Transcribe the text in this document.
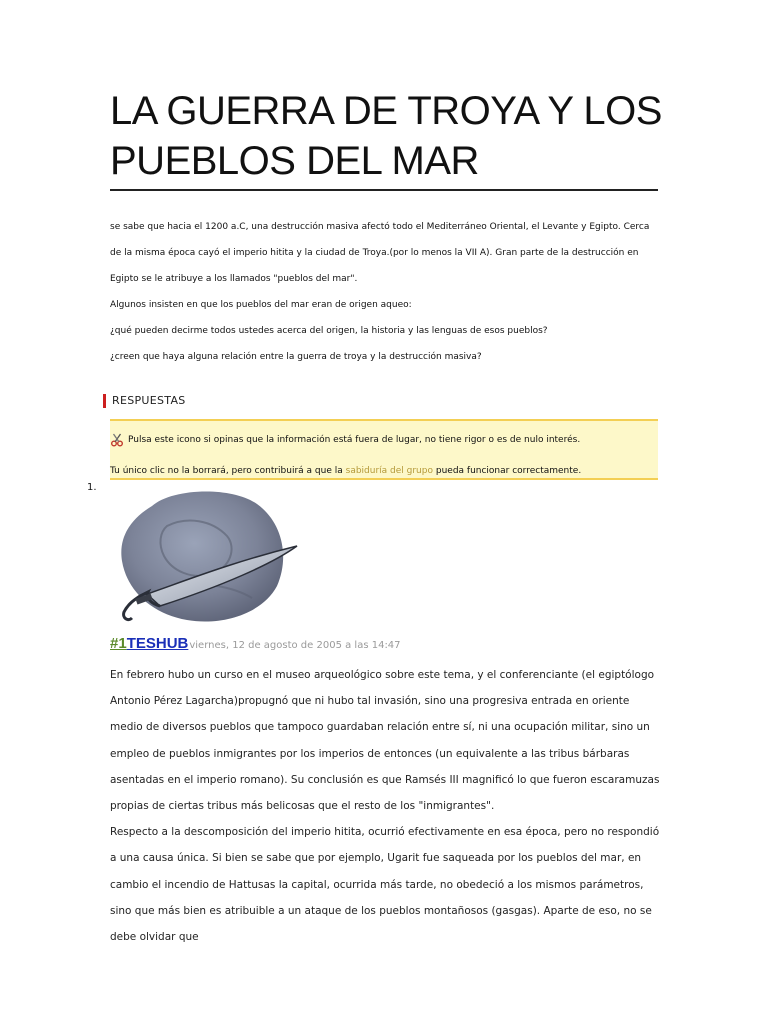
LA GUERRA DE TROYA Y LOS PUEBLOS DEL MAR

se sabe que hacia el 1200 a.C, una destrucción masiva afectó todo el Mediterráneo Oriental, el Levante y Egipto. Cerca de la misma época cayó el imperio hitita y la ciudad de Troya.(por lo menos la VII A). Gran parte de la destrucción en Egipto se le atribuye a los llamados "pueblos del mar".

Algunos insisten en que los pueblos del mar eran de origen aqueo:

¿qué pueden decirme todos ustedes acerca del origen, la historia y las lenguas de esos pueblos?

¿creen que haya alguna relación entre la guerra de troya y la destrucción masiva?

RESPUESTAS
Pulsa este icono si opinas que la información está fuera de lugar, no tiene rigor o es de nulo interés.
Tu único clic no la borrará, pero contribuirá a que la sabiduría del grupo pueda funcionar correctamente.
1.
#1 TESHUB viernes, 12 de agosto de 2005 a las 14:47

En febrero hubo un curso en el museo arqueológico sobre este tema, y el conferenciante (el egiptólogo Antonio Pérez Lagarcha)propugnó que ni hubo tal invasión, sino una progresiva entrada en oriente medio de diversos pueblos que tampoco guardaban relación entre sí, ni una ocupación militar, sino un empleo de pueblos inmigrantes por los imperios de entonces (un equivalente a las tribus bárbaras asentadas en el imperio romano). Su conclusión es que Ramsés III magnificó lo que fueron escaramuzas propias de ciertas tribus más belicosas que el resto de los "inmigrantes".

Respecto a la descomposición del imperio hitita, ocurrió efectivamente en esa época, pero no respondió a una causa única. Si bien se sabe que por ejemplo, Ugarit fue saqueada por los pueblos del mar, en cambio el incendio de Hattusas la capital, ocurrida más tarde, no obedeció a los mismos parámetros, sino que más bien es atribuible a un ataque de los pueblos montañosos (gasgas). Aparte de eso, no se debe olvidar que
